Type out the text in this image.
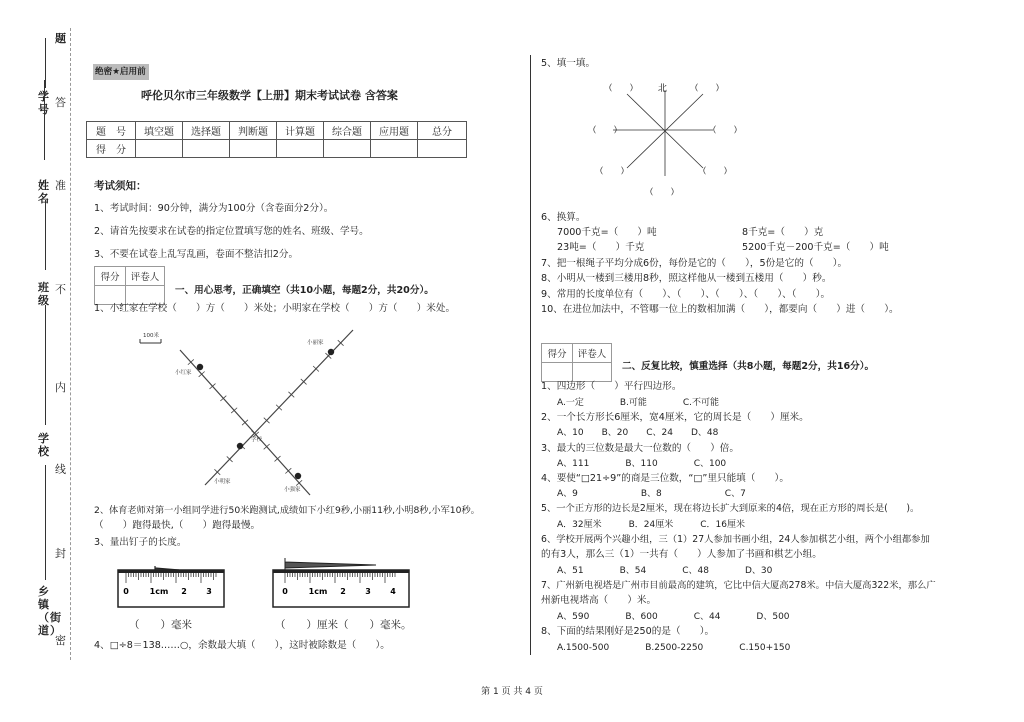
题
答
学号
姓名
准
班级
不
内
学校
线
封
乡镇（街道）
密
绝密★启用前
呼伦贝尔市三年级数学【上册】期末考试试卷 含答案
题　号	填空题	选择题	判断题	计算题	综合题	应用题	总分
得　分							
考试须知：
1、考试时间：90分钟，满分为100分（含卷面分2分）。
2、请首先按要求在试卷的指定位置填写您的姓名、班级、学号。
3、不要在试卷上乱写乱画，卷面不整洁扣2分。
得分	评卷人

一、用心思考，正确填空（共10小题，每题2分，共20分）。
1、小红家在学校（　　）方（　　）米处；小明家在学校（　　）方（　　）米处。
100米
小红家
小丽家
学校
小明家
小强家
2、体育老师对第一小组同学进行50米跑测试,成绩如下小红9秒,小丽11秒,小明8秒,小军10秒。
（　　）跑得最快,（　　）跑得最慢。
3、量出钉子的长度。
0	1cm 2 3	0	1cm 2 3 4
（　　）毫米	（　　）厘米（　　）毫米。
4、□÷8＝138……○，余数最大填（　　），这时被除数是（　　）。
5、填一填。
北
（　　）	（　　）
（　　）	（　　）
（　　）	（　　）
（　　）
6、换算。
7000千克=（　　）吨	8千克=（　　）克
23吨=（　　）千克	5200千克－200千克=（　　）吨
7、把一根绳子平均分成6份，每份是它的（　　），5份是它的（　　）。
8、小明从一楼到三楼用8秒，照这样他从一楼到五楼用（　　）秒。
9、常用的长度单位有（　　）、（　　）、（　　）、（　　）、（　　）。
10、在进位加法中，不管哪一位上的数相加满（　　），都要向（　　）进（　　）。
得分	评卷人

二、反复比较，慎重选择（共8小题，每题2分，共16分）。
1、四边形（　　）平行四边形。
A.一定　　　　B.可能　　　　C.不可能
2、一个长方形长6厘米，宽4厘米，它的周长是（　　）厘米。
A、10　　B、20　　C、24　　D、48
3、最大的三位数是最大一位数的（　　）倍。
A、111　　　　B、110　　　　C、100
4、要使“□21÷9”的商是三位数，“□”里只能填（　　）。
A、9　　　　　　　B、8　　　　　　　C、7
5、一个正方形的边长是2厘米，现在将边长扩大到原来的4倍，现在正方形的周长是(　　)。
A．32厘米　　　B．24厘米　　　C．16厘米
6、学校开展两个兴趣小组，三（1）27人参加书画小组，24人参加棋艺小组，两个小组都参加
的有3人，那么三（1）一共有（　　）人参加了书画和棋艺小组。
A、51　　　　B、54　　　　C、48　　　　D、30
7、广州新电视塔是广州市目前最高的建筑，它比中信大厦高278米。中信大厦高322米，那么广
州新电视塔高（　　）米。
A、590　　　　B、600　　　　C、44　　　　D、500
8、下面的结果刚好是250的是（　　）。
A.1500-500　　　　B.2500-2250　　　　C.150+150
第 1 页 共 4 页
